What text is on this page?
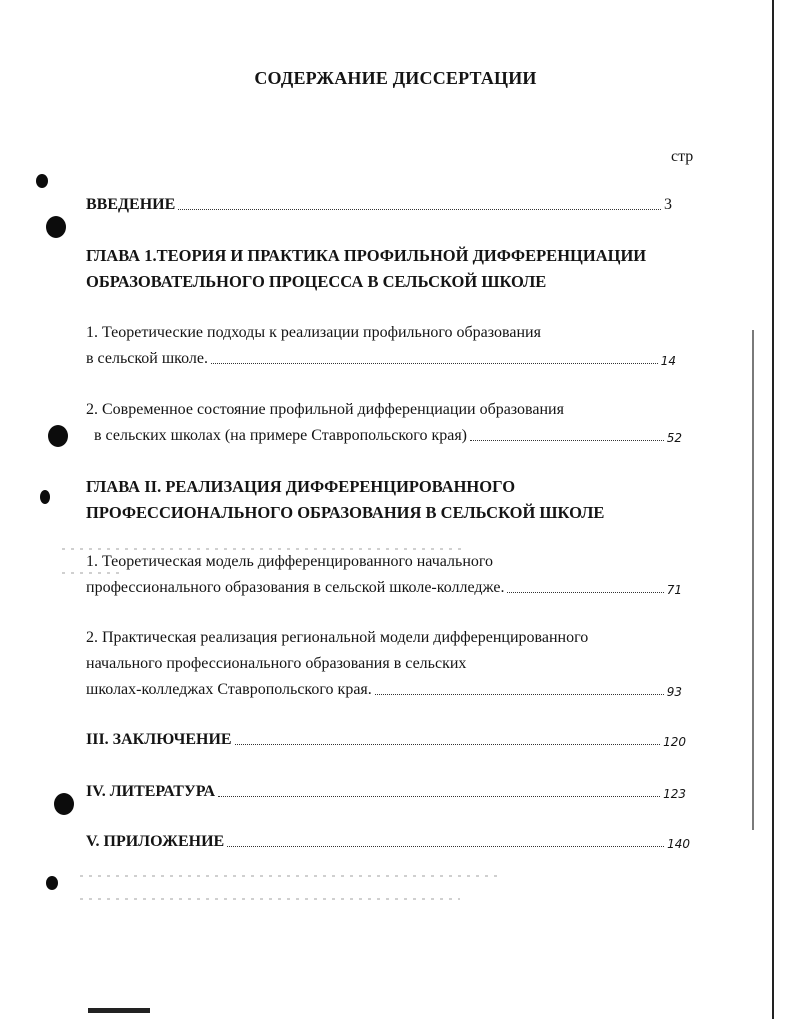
СОДЕРЖАНИЕ ДИССЕРТАЦИИ
стр
ВВЕДЕНИЕ	3
ГЛАВА 1.ТЕОРИЯ И ПРАКТИКА ПРОФИЛЬНОЙ ДИФФЕРЕНЦИАЦИИ
ОБРАЗОВАТЕЛЬНОГО ПРОЦЕССА В СЕЛЬСКОЙ ШКОЛЕ
1. Теоретические подходы к реализации профильного образования
в сельской школе.	14
2. Современное состояние профильной дифференциации образования
в сельских школах (на примере Ставропольского края)	52
ГЛАВА II. РЕАЛИЗАЦИЯ ДИФФЕРЕНЦИРОВАННОГО
ПРОФЕССИОНАЛЬНОГО ОБРАЗОВАНИЯ В СЕЛЬСКОЙ ШКОЛЕ
1. Теоретическая модель дифференцированного начального
профессионального образования в сельской школе-колледже.	71
2. Практическая реализация региональной модели дифференцированного
начального профессионального образования в сельских
школах-колледжах Ставропольского края.	93
III. ЗАКЛЮЧЕНИЕ	120
IV. ЛИТЕРАТУРА	123
V. ПРИЛОЖЕНИЕ	140
